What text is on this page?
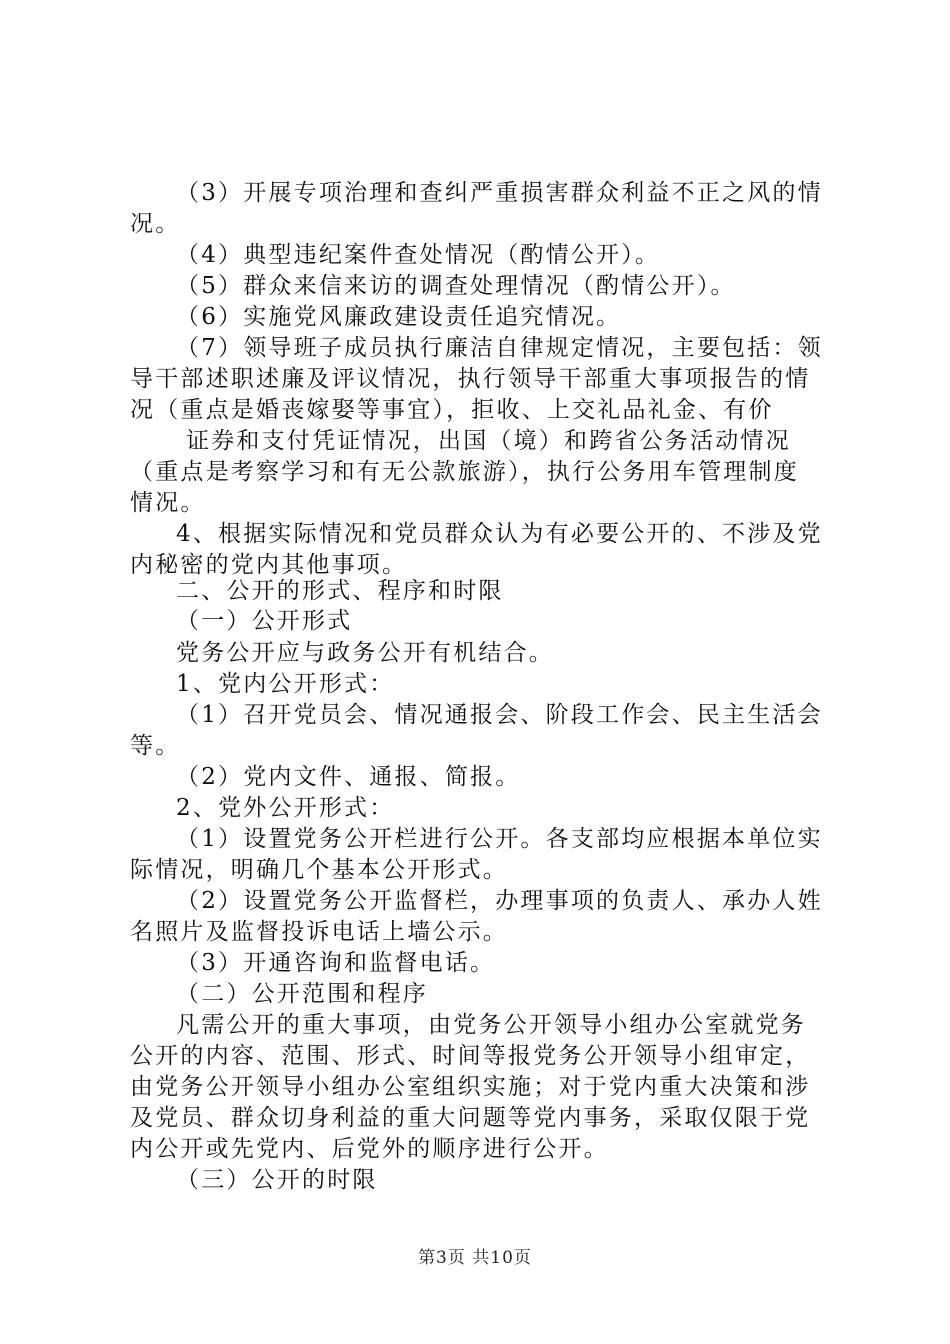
（3）开展专项治理和查纠严重损害群众利益不正之风的情
况。
（4）典型违纪案件查处情况（酌情公开）。
（5）群众来信来访的调查处理情况（酌情公开）。
（6）实施党风廉政建设责任追究情况。
（7）领导班子成员执行廉洁自律规定情况，主要包括：领
导干部述职述廉及评议情况，执行领导干部重大事项报告的情
况（重点是婚丧嫁娶等事宜），拒收、上交礼品礼金、有价
证券和支付凭证情况，出国（境）和跨省公务活动情况
（重点是考察学习和有无公款旅游），执行公务用车管理制度
情况。
4、根据实际情况和党员群众认为有必要公开的、不涉及党
内秘密的党内其他事项。
二、公开的形式、程序和时限
（一）公开形式
党务公开应与政务公开有机结合。
1、党内公开形式：
（1）召开党员会、情况通报会、阶段工作会、民主生活会
等。
（2）党内文件、通报、简报。
2、党外公开形式：
（1）设置党务公开栏进行公开。各支部均应根据本单位实
际情况，明确几个基本公开形式。
（2）设置党务公开监督栏，办理事项的负责人、承办人姓
名照片及监督投诉电话上墙公示。
（3）开通咨询和监督电话。
（二）公开范围和程序
凡需公开的重大事项，由党务公开领导小组办公室就党务
公开的内容、范围、形式、时间等报党务公开领导小组审定，
由党务公开领导小组办公室组织实施；对于党内重大决策和涉
及党员、群众切身利益的重大问题等党内事务，采取仅限于党
内公开或先党内、后党外的顺序进行公开。
（三）公开的时限
第3页 共10页
